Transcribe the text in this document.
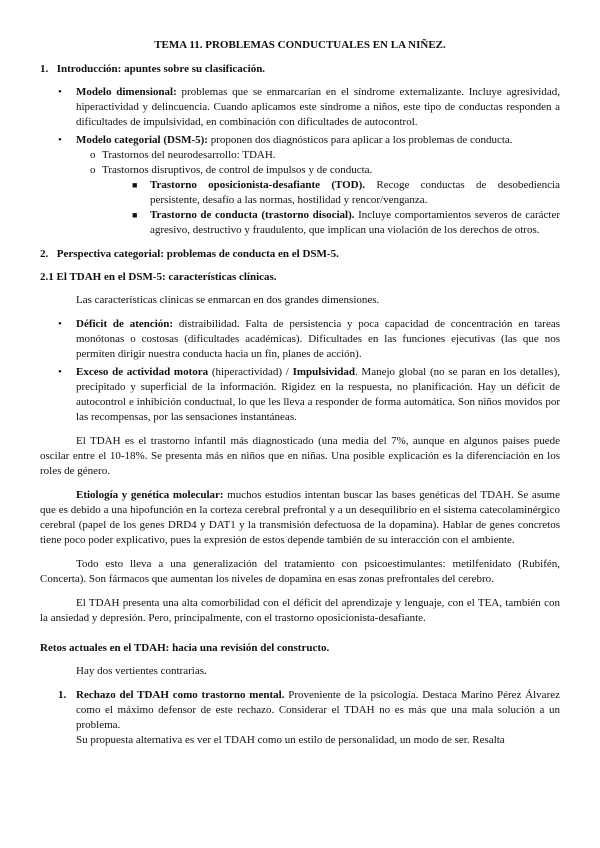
TEMA 11. PROBLEMAS CONDUCTUALES EN LA NIÑEZ.

1. Introducción: apuntes sobre su clasificación.

• Modelo dimensional: problemas que se enmarcarían en el síndrome externalizante. Incluye agresividad, hiperactividad y delincuencia. Cuando aplicamos este síndrome a niños, este tipo de conductas responden a dificultades de impulsividad, en combinación con dificultades de autocontrol.

• Modelo categorial (DSM-5): proponen dos diagnósticos para aplicar a los problemas de conducta.

o Trastornos del neurodesarrollo: TDAH.

o Trastornos disruptivos, de control de impulsos y de conducta.

■ Trastorno oposicionista-desafiante (TOD). Recoge conductas de desobediencia persistente, desafío a las normas, hostilidad y rencor/venganza.

■ Trastorno de conducta (trastorno disocial). Incluye comportamientos severos de carácter agresivo, destructivo y fraudulento, que implican una violación de los derechos de otros.

2. Perspectiva categorial: problemas de conducta en el DSM-5.

2.1 El TDAH en el DSM-5: características clínicas.

Las características clínicas se enmarcan en dos grandes dimensiones.

• Déficit de atención: distraibilidad. Falta de persistencia y poca capacidad de concentración en tareas monótonas o costosas (dificultades académicas). Dificultades en las funciones ejecutivas (las que nos permiten dirigir nuestra conducta hacia un fin, planes de acción).

• Exceso de actividad motora (hiperactividad) / Impulsividad. Manejo global (no se paran en los detalles), precipitado y superficial de la información. Rigidez en la respuesta, no planificación. Hay un déficit de autocontrol e inhibición conductual, lo que les lleva a responder de forma automática. Son niños movidos por las recompensas, por las sensaciones instantáneas.

El TDAH es el trastorno infantil más diagnosticado (una media del 7%, aunque en algunos países puede oscilar entre el 10-18%. Se presenta más en niños que en niñas. Una posible explicación es la diferenciación en los roles de género.

Etiología y genética molecular: muchos estudios intentan buscar las bases genéticas del TDAH. Se asume que es debido a una hipofunción en la corteza cerebral prefrontal y a un desequilibrio en el sistema catecolaminérgico cerebral (papel de los genes DRD4 y DAT1 y la transmisión defectuosa de la dopamina). Hablar de genes concretos tiene poco poder explicativo, pues la expresión de estos depende también de su interacción con el ambiente.

Todo esto lleva a una generalización del tratamiento con psicoestimulantes: metilfenidato (Rubifén, Concerta). Son fármacos que aumentan los niveles de dopamina en esas zonas prefrontales del cerebro.

El TDAH presenta una alta comorbilidad con el déficit del aprendizaje y lenguaje, con el TEA, también con la ansiedad y depresión. Pero, principalmente, con el trastorno oposicionista-desafiante.

Retos actuales en el TDAH: hacia una revisión del constructo.

Hay dos vertientes contrarias.

1. Rechazo del TDAH como trastorno mental. Proveniente de la psicología. Destaca Marino Pérez Álvarez como el máximo defensor de este rechazo. Considerar el TDAH no es más que una mala solución a un problema.

Su propuesta alternativa es ver el TDAH como un estilo de personalidad, un modo de ser. Resalta
